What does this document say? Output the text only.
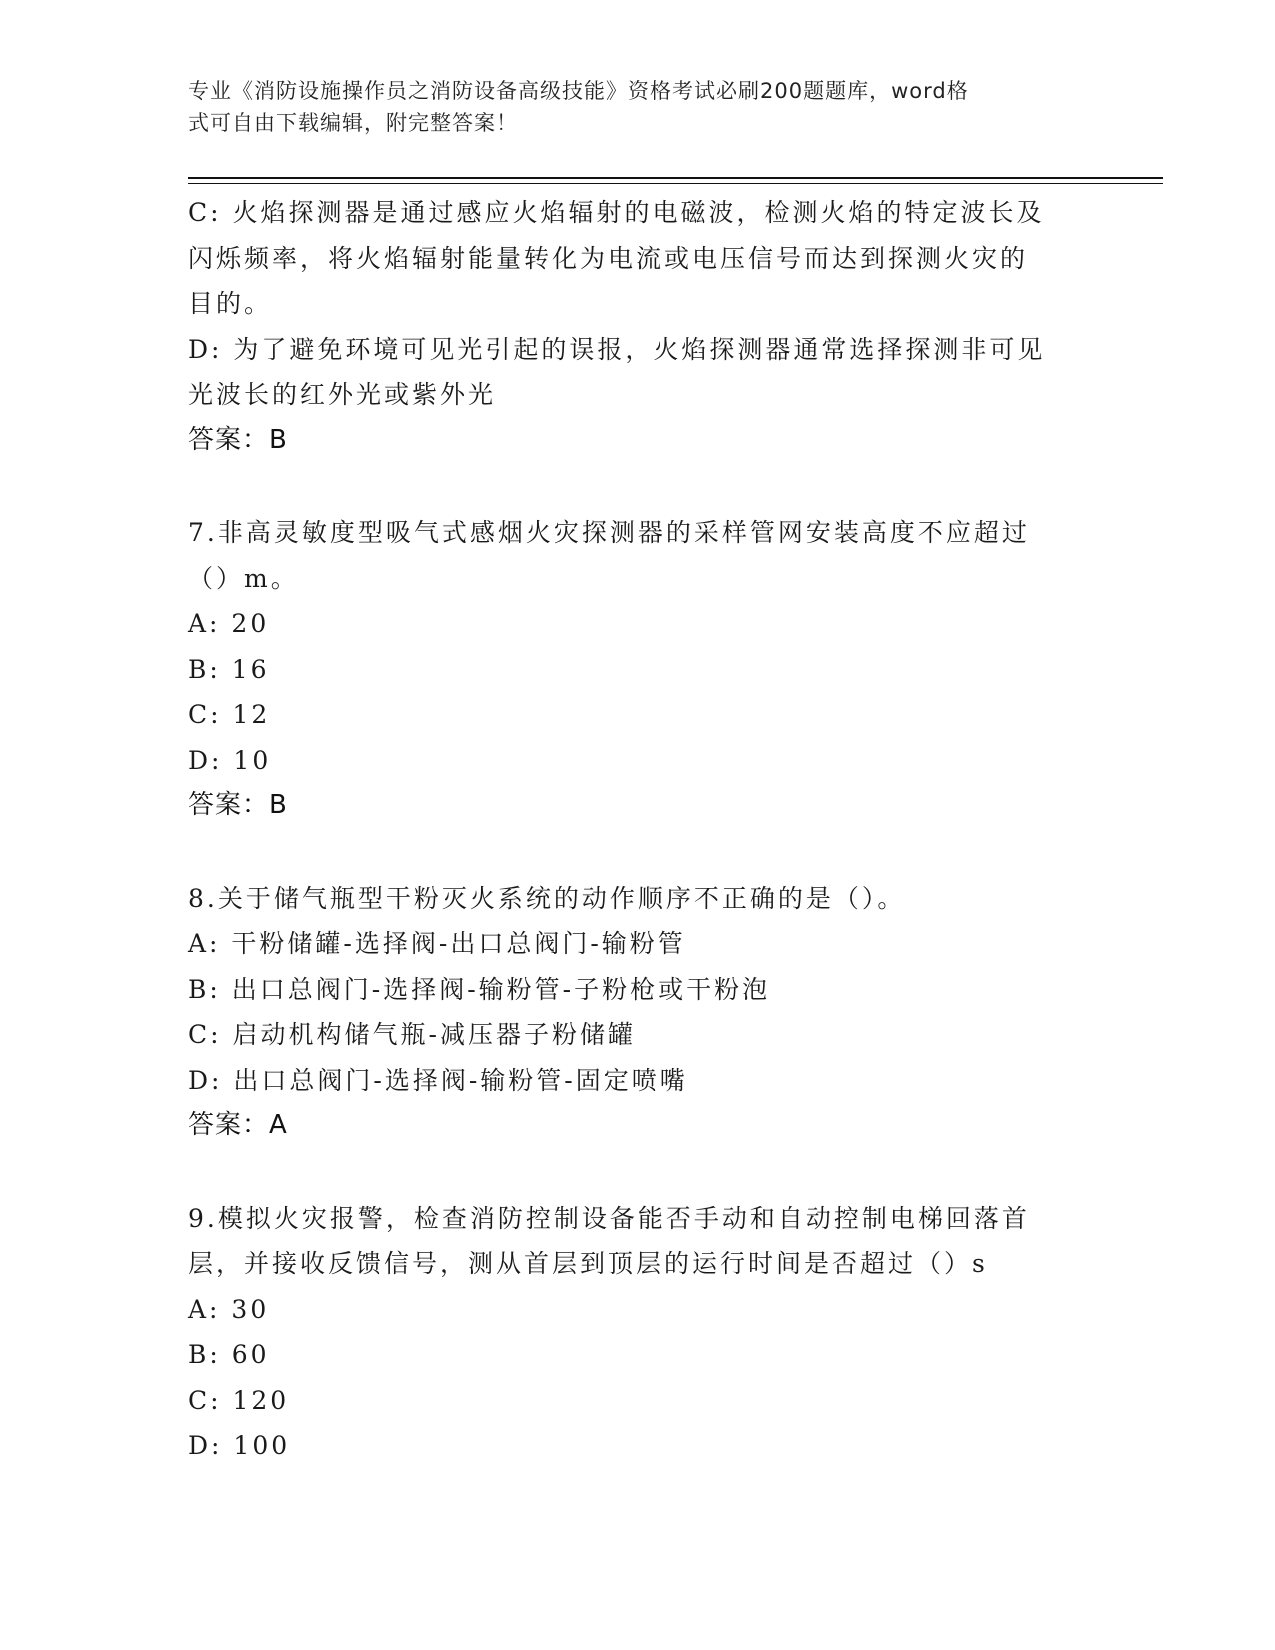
专业《消防设施操作员之消防设备高级技能》资格考试必刷200题题库，word格
式可自由下载编辑，附完整答案！
C: 火焰探测器是通过感应火焰辐射的电磁波，检测火焰的特定波长及
闪烁频率，将火焰辐射能量转化为电流或电压信号而达到探测火灾的
目的。
D: 为了避免环境可见光引起的误报，火焰探测器通常选择探测非可见
光波长的红外光或紫外光
答案：B
7.非高灵敏度型吸气式感烟火灾探测器的采样管网安装高度不应超过
（）m。
A: 20
B: 16
C: 12
D: 10
答案：B
8.关于储气瓶型干粉灭火系统的动作顺序不正确的是（）。
A: 干粉储罐-选择阀-出口总阀门-输粉管
B: 出口总阀门-选择阀-输粉管-子粉枪或干粉泡
C: 启动机构储气瓶-减压器子粉储罐
D: 出口总阀门-选择阀-输粉管-固定喷嘴
答案：A
9.模拟火灾报警，检查消防控制设备能否手动和自动控制电梯回落首
层，并接收反馈信号，测从首层到顶层的运行时间是否超过（）s
A: 30
B: 60
C: 120
D: 100
